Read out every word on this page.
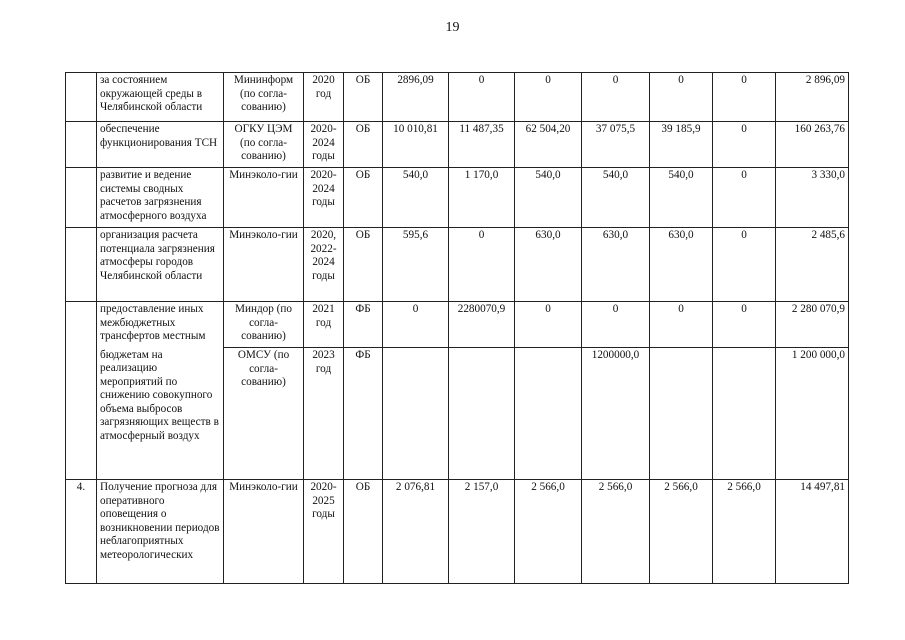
19
	за состоянием окружающей среды в Челябинской области	Мининформ (по согла-сованию)	2020 год	ОБ	2896,09	0	0	0	0	0	2 896,09
	обеспечение функционирования ТСН	ОГКУ ЦЭМ (по согла-сованию)	2020-2024 годы	ОБ	10 010,81	11 487,35	62 504,20	37 075,5	39 185,9	0	160 263,76
	развитие и ведение системы сводных расчетов загрязнения атмосферного воздуха	Минэколо-гии	2020-2024 годы	ОБ	540,0	1 170,0	540,0	540,0	540,0	0	3 330,0
	организация расчета потенциала загрязнения атмосферы городов Челябинской области	Минэколо-гии	2020, 2022-2024 годы	ОБ	595,6	0	630,0	630,0	630,0	0	2 485,6
	предоставление иных межбюджетных трансфертов местным	Миндор (по согла-сованию)	2021 год	ФБ	0	2280070,9	0	0	0	0	2 280 070,9
	бюджетам на реализацию мероприятий по снижению совокупного объема выбросов загрязняющих веществ в атмосферный воздух	ОМСУ (по согла-сованию)	2023 год	ФБ				1200000,0			1 200 000,0
4.	Получение прогноза для оперативного оповещения о возникновении периодов неблагоприятных метеорологических	Минэколо-гии	2020-2025 годы	ОБ	2 076,81	2 157,0	2 566,0	2 566,0	2 566,0	2 566,0	14 497,81
